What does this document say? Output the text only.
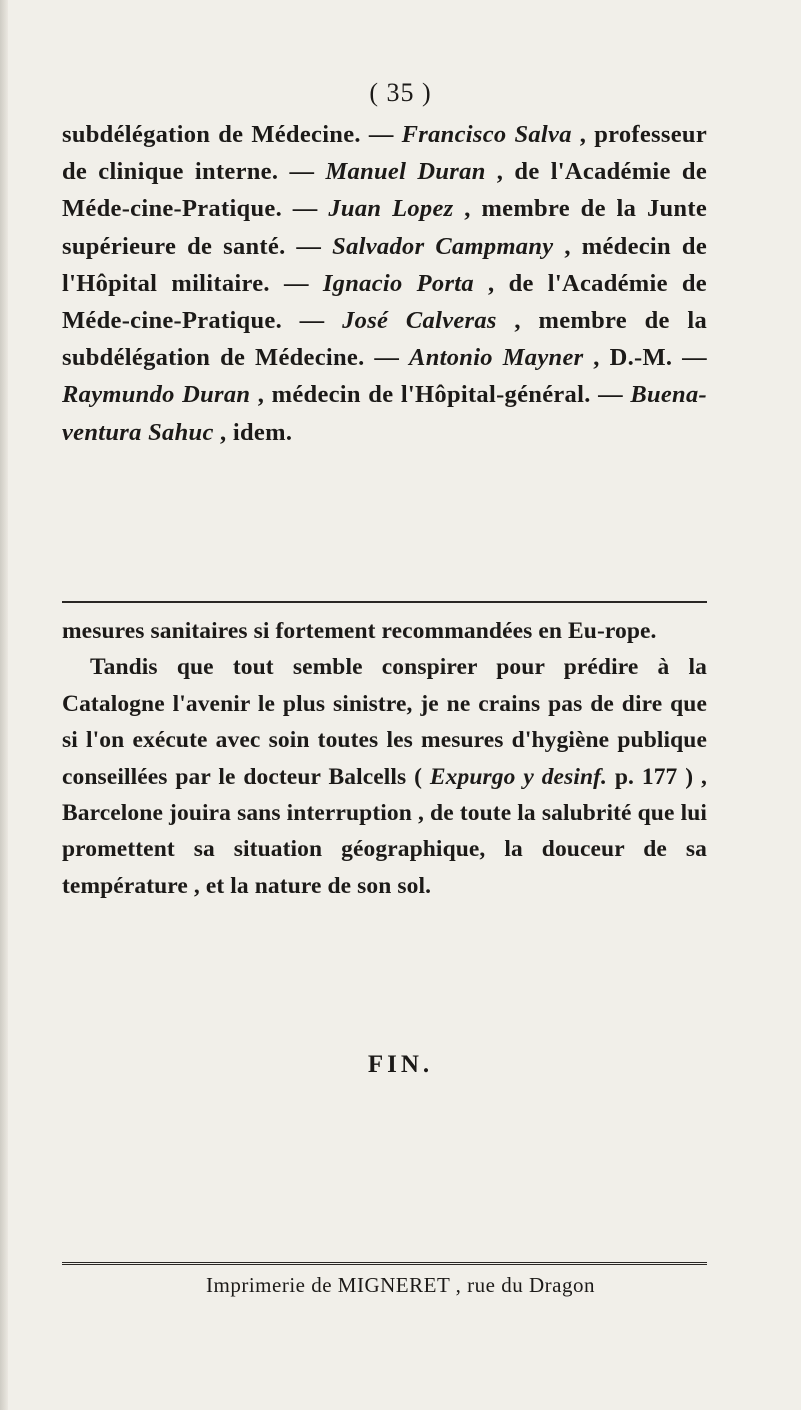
( 35 )

subdélégation de Médecine. — Francisco Salva , professeur de clinique interne. — Manuel Duran , de l'Académie de Méde-cine-Pratique. — Juan Lopez , membre de la Junte supérieure de santé. — Salvador Campmany , médecin de l'Hôpital militaire. — Ignacio Porta , de l'Académie de Méde-cine-Pratique. — José Calveras , membre de la subdélégation de Médecine. — Antonio Mayner , D.-M. — Raymundo Duran , médecin de l'Hôpital-général. — Buena-ventura Sahuc , idem.

mesures sanitaires si fortement recommandées en Eu-rope.

Tandis que tout semble conspirer pour prédire à la Catalogne l'avenir le plus sinistre, je ne crains pas de dire que si l'on exécute avec soin toutes les mesures d'hygiène publique conseillées par le docteur Balcells ( Expurgo y desinf. p. 177 ) , Barcelone jouira sans interruption , de toute la salubrité que lui promettent sa situation géographique, la douceur de sa température , et la nature de son sol.

FIN.
Imprimerie de MIGNERET , rue du Dragon
